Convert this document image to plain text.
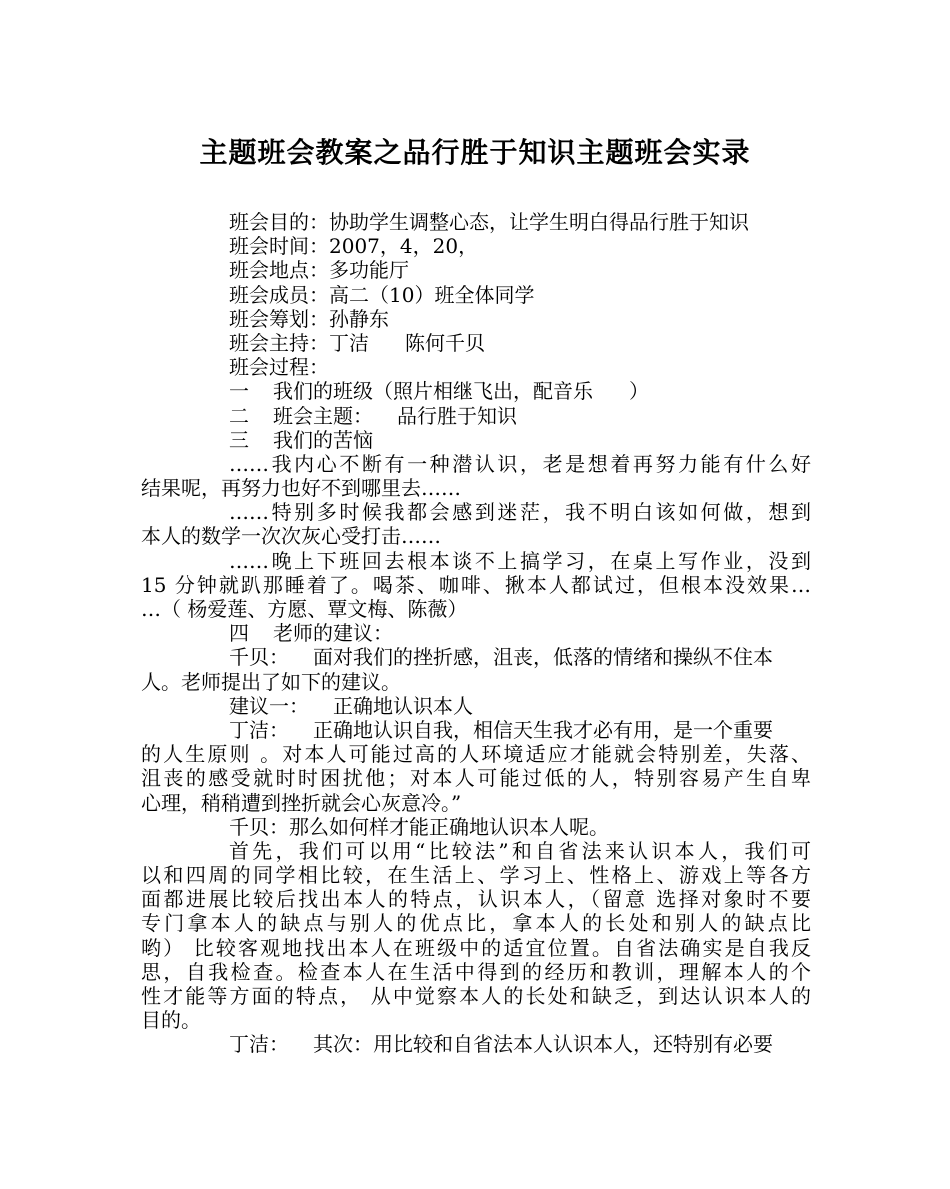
主题班会教案之品行胜于知识主题班会实录
班会目的：协助学生调整心态，让学生明白得品行胜于知识
班会时间：2007，4，20，
班会地点：多功能厅
班会成员：高二（10）班全体同学
班会筹划：孙静东
班会主持：丁洁 陈何千贝
班会过程：
一 我们的班级（照片相继飞出，配音乐 ）
二 班会主题： 品行胜于知识
三 我们的苦恼
……我内心不断有一种潜认识，老是想着再努力能有什么好
结果呢，再努力也好不到哪里去……
……特别多时候我都会感到迷茫，我不明白该如何做，想到
本人的数学一次次灰心受打击……
……晚上下班回去根本谈不上搞学习，在桌上写作业，没到
15 分钟就趴那睡着了。喝茶、咖啡、揪本人都试过，但根本没效果…
…（ 杨爱莲、方愿、覃文梅、陈薇）
四 老师的建议：
千贝： 面对我们的挫折感，沮丧，低落的情绪和操纵不住本
人。老师提出了如下的建议。
建议一： 正确地认识本人
丁洁： 正确地认识自我，相信天生我才必有用，是一个重要
的人生原则 。对本人可能过高的人环境适应才能就会特别差，失落、
沮丧的感受就时时困扰他；对本人可能过低的人，特别容易产生自卑
心理，稍稍遭到挫折就会心灰意冷。”
千贝：那么如何样才能正确地认识本人呢。
首先，我们可以用“比较法”和自省法来认识本人，我们可
以和四周的同学相比较，在生活上、学习上、性格上、游戏上等各方
面都进展比较后找出本人的特点，认识本人，（留意 选择对象时不要
专门拿本人的缺点与别人的优点比，拿本人的长处和别人的缺点比
哟） 比较客观地找出本人在班级中的适宜位置。自省法确实是自我反
思，自我检查。检查本人在生活中得到的经历和教训，理解本人的个
性才能等方面的特点， 从中觉察本人的长处和缺乏，到达认识本人的
目的。
丁洁： 其次：用比较和自省法本人认识本人，还特别有必要
